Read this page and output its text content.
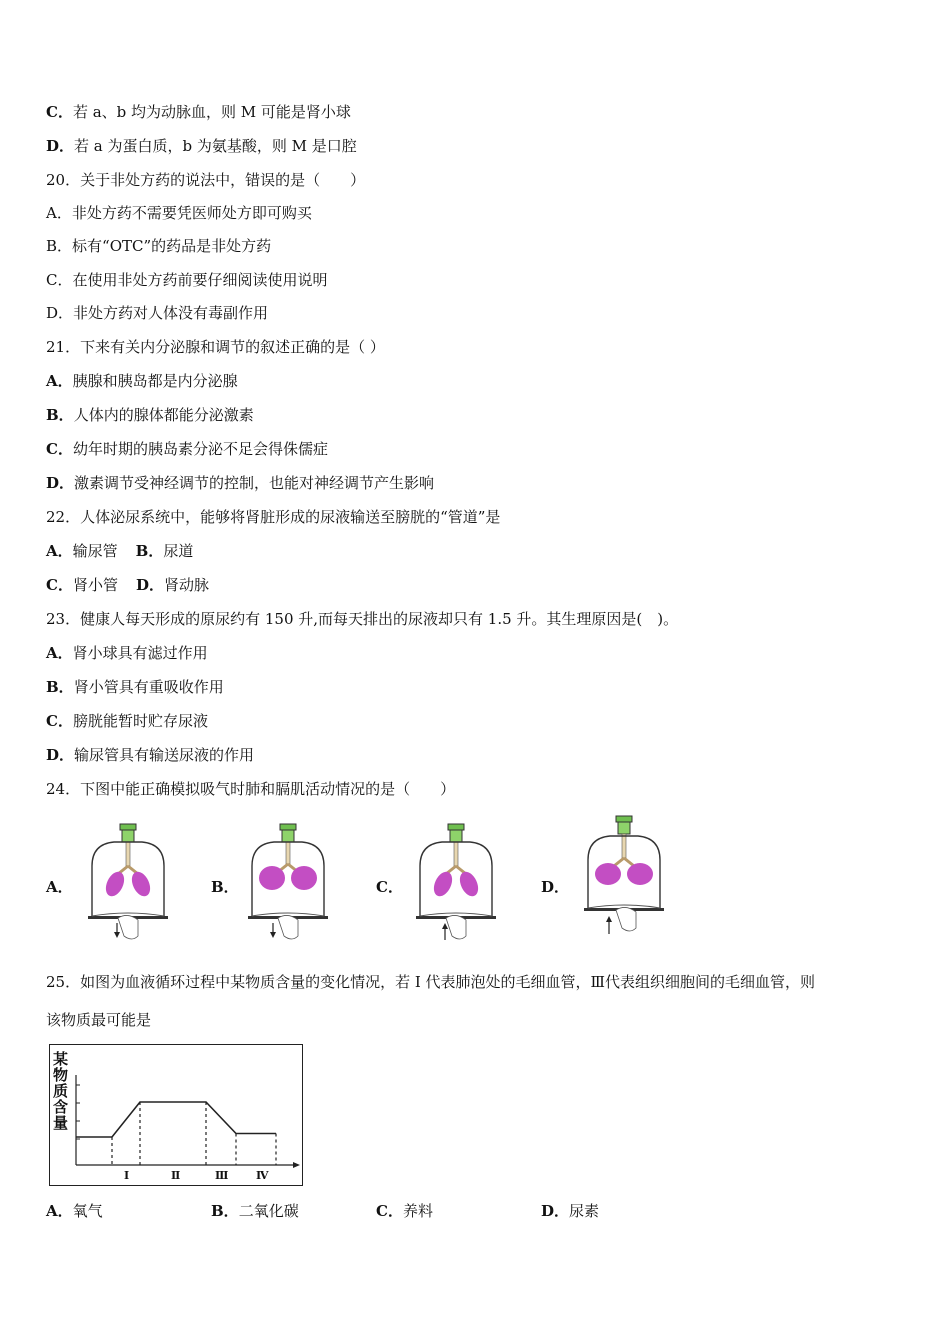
C．若 a、b 均为动脉血，则 M 可能是肾小球
D．若 a 为蛋白质，b 为氨基酸，则 M 是口腔
20．关于非处方药的说法中，错误的是（　　）
A．非处方药不需要凭医师处方即可购买
B．标有“OTC”的药品是非处方药
C．在使用非处方药前要仔细阅读使用说明
D．非处方药对人体没有毒副作用
21．下来有关内分泌腺和调节的叙述正确的是（ ）
A．胰腺和胰岛都是内分泌腺
B．人体内的腺体都能分泌激素
C．幼年时期的胰岛素分泌不足会得侏儒症
D．激素调节受神经调节的控制，也能对神经调节产生影响
22．人体泌尿系统中，能够将肾脏形成的尿液输送至膀胱的“管道”是
A．输尿管 B．尿道
C．肾小管 D．肾动脉
23．健康人每天形成的原尿约有 150 升,而每天排出的尿液却只有 1.5 升。其生理原因是(　)。
A．肾小球具有滤过作用
B．肾小管具有重吸收作用
C．膀胱能暂时贮存尿液
D．输尿管具有输送尿液的作用
24．下图中能正确模拟吸气时肺和膈肌活动情况的是（　　）
A．	B．	C．	D．
25．如图为血液循环过程中某物质含量的变化情况，若 I 代表肺泡处的毛细血管，Ⅲ代表组织细胞间的毛细血管，则
该物质最可能是
某物质含量
Ⅰ	Ⅱ	Ⅲ	Ⅳ
A．氧气	B．二氧化碳	C．养料	D．尿素
